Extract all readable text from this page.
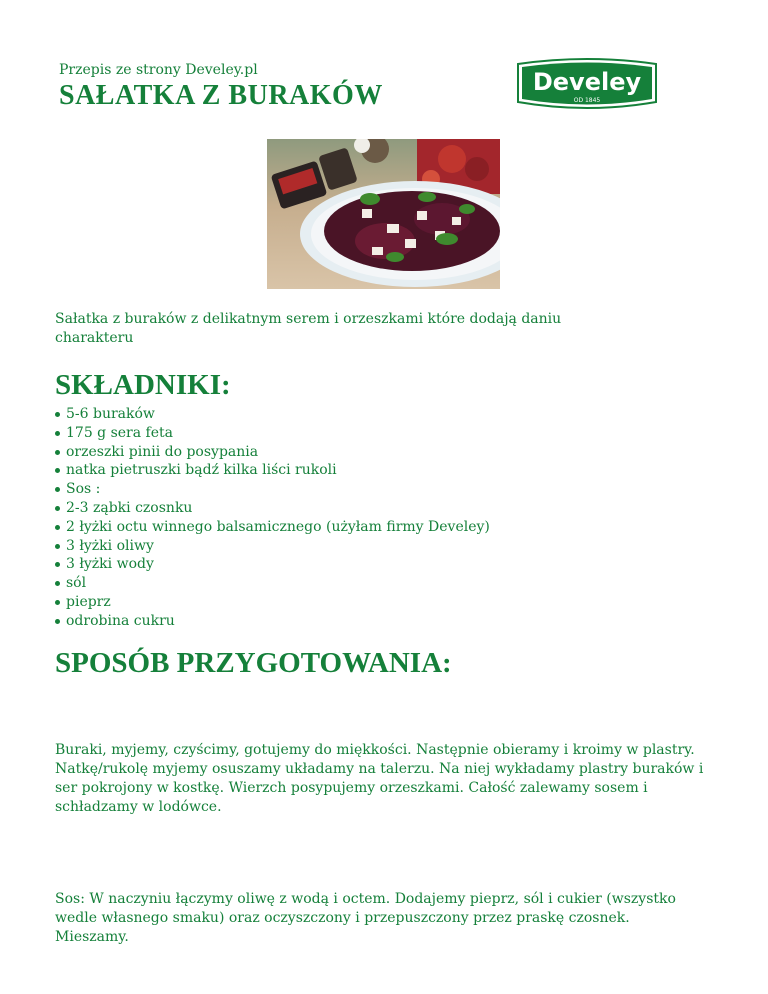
Przepis ze strony Develey.pl
SAŁATKA Z BURAKÓW	Develey
OD 1845

Sałatka z buraków z delikatnym serem i orzeszkami które dodają daniu charakteru

SKŁADNIKI:
5-6 buraków
175 g sera feta
orzeszki pinii do posypania
natka pietruszki bądź kilka liści rukoli
Sos :
2-3 ząbki czosnku
2 łyżki octu winnego balsamicznego (użyłam firmy Develey)
3 łyżki oliwy
3 łyżki wody
sól
pieprz
odrobina cukru
SPOSÓB PRZYGOTOWANIA:

Buraki, myjemy, czyścimy, gotujemy do miękkości. Następnie obieramy i kroimy w plastry. Natkę/rukolę myjemy osuszamy układamy na talerzu. Na niej wykładamy plastry buraków i ser pokrojony w kostkę. Wierzch posypujemy orzeszkami. Całość zalewamy sosem i schładzamy w lodówce.

Sos: W naczyniu łączymy oliwę z wodą i octem. Dodajemy pieprz, sól i cukier (wszystko wedle własnego smaku) oraz oczyszczony i przepuszczony przez praskę czosnek. Mieszamy.
